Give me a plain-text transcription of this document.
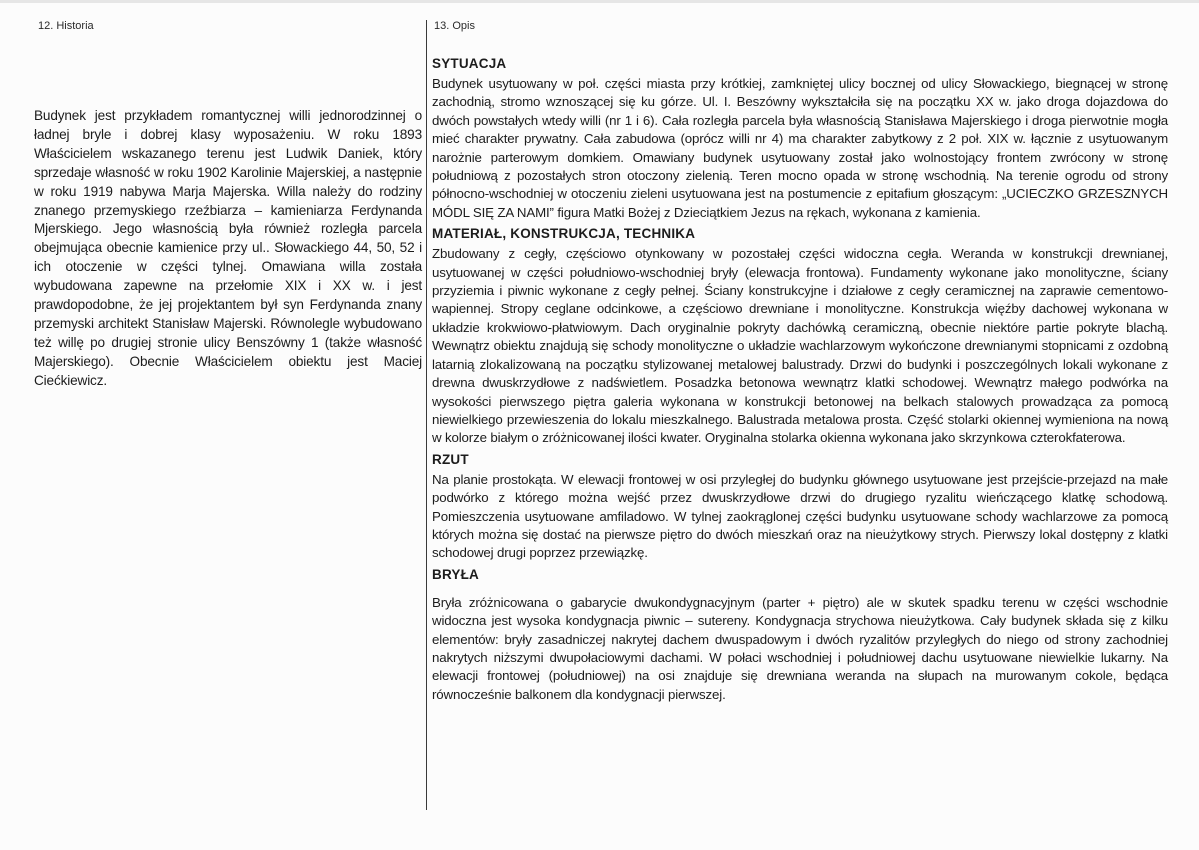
12. Historia

Budynek jest przykładem romantycznej willi jednorodzinnej o ładnej bryle i dobrej klasy wyposażeniu. W roku 1893 Właścicielem wskazanego terenu jest Ludwik Daniek, który sprzedaje własność w roku 1902 Karolinie Majerskiej, a następnie w roku 1919 nabywa Marja Majerska. Willa należy do rodziny znanego przemyskiego rzeźbiarza – kamieniarza Ferdynanda Mjerskiego. Jego własnością była również rozległa parcela obejmująca obecnie kamienice przy ul.. Słowackiego 44, 50, 52 i ich otoczenie w części tylnej. Omawiana willa została wybudowana zapewne na przełomie XIX i XX w. i jest prawdopodobne, że jej projektantem był syn Ferdynanda znany przemyski architekt Stanisław Majerski. Równolegle wybudowano też willę po drugiej stronie ulicy Benszówny 1 (także własność Majerskiego). Obecnie Właścicielem obiektu jest Maciej Ciećkiewicz.

13. Opis
SYTUACJA

Budynek usytuowany w poł. części miasta przy krótkiej, zamkniętej ulicy bocznej od ulicy Słowackiego, biegnącej w stronę zachodnią, stromo wznoszącej się ku górze. Ul. I. Beszówny wykształciła się na początku XX w. jako droga dojazdowa do dwóch powstałych wtedy willi (nr 1 i 6). Cała rozległa parcela była własnością Stanisława Majerskiego i droga pierwotnie mogła mieć charakter prywatny. Cała zabudowa (oprócz willi nr 4) ma charakter zabytkowy z 2 poł. XIX w. łącznie z usytuowanym narożnie parterowym domkiem. Omawiany budynek usytuowany został jako wolnostojący frontem zwrócony w stronę południową z pozostałych stron otoczony zielenią. Teren mocno opada w stronę wschodnią. Na terenie ogrodu od strony północno-wschodniej w otoczeniu zieleni usytuowana jest na postumencie z epitafium głoszącym: „UCIECZKO GRZESZNYCH MÓDL SIĘ ZA NAMI” figura Matki Bożej z Dzieciątkiem Jezus na rękach, wykonana z kamienia.

MATERIAŁ, KONSTRUKCJA, TECHNIKA

Zbudowany z cegły, częściowo otynkowany w pozostałej części widoczna cegła. Weranda w konstrukcji drewnianej, usytuowanej w części południowo-wschodniej bryły (elewacja frontowa). Fundamenty wykonane jako monolityczne, ściany przyziemia i piwnic wykonane z cegły pełnej. Ściany konstrukcyjne i działowe z cegły ceramicznej na zaprawie cementowo-wapiennej. Stropy ceglane odcinkowe, a częściowo drewniane i monolityczne. Konstrukcja więźby dachowej wykonana w układzie krokwiowo-płatwiowym. Dach oryginalnie pokryty dachówką ceramiczną, obecnie niektóre partie pokryte blachą. Wewnątrz obiektu znajdują się schody monolityczne o układzie wachlarzowym wykończone drewnianymi stopnicami z ozdobną latarnią zlokalizowaną na początku stylizowanej metalowej balustrady. Drzwi do budynki i poszczególnych lokali wykonane z drewna dwuskrzydłowe z nadświetlem. Posadzka betonowa wewnątrz klatki schodowej. Wewnątrz małego podwórka na wysokości pierwszego piętra galeria wykonana w konstrukcji betonowej na belkach stalowych prowadząca za pomocą niewielkiego przewieszenia do lokalu mieszkalnego. Balustrada metalowa prosta. Część stolarki okiennej wymieniona na nową w kolorze białym o zróżnicowanej ilości kwater. Oryginalna stolarka okienna wykonana jako skrzynkowa czterokfaterowa.

RZUT

Na planie prostokąta. W elewacji frontowej w osi przyległej do budynku głównego usytuowane jest przejście-przejazd na małe podwórko z którego można wejść przez dwuskrzydłowe drzwi do drugiego ryzalitu wieńczącego klatkę schodową. Pomieszczenia usytuowane amfiladowo. W tylnej zaokrąglonej części budynku usytuowane schody wachlarzowe za pomocą których można się dostać na pierwsze piętro do dwóch mieszkań oraz na nieużytkowy strych. Pierwszy lokal dostępny z klatki schodowej drugi poprzez przewiązkę.

BRYŁA

Bryła zróżnicowana o gabarycie dwukondygnacyjnym (parter + piętro) ale w skutek spadku terenu w części wschodnie widoczna jest wysoka kondygnacja piwnic – sutereny. Kondygnacja strychowa nieużytkowa. Cały budynek składa się z kilku elementów: bryły zasadniczej nakrytej dachem dwuspadowym i dwóch ryzalitów przyległych do niego od strony zachodniej nakrytych niższymi dwupołaciowymi dachami. W połaci wschodniej i południowej dachu usytuowane niewielkie lukarny. Na elewacji frontowej (południowej) na osi znajduje się drewniana weranda na słupach na murowanym cokole, będąca równocześnie balkonem dla kondygnacji pierwszej.
